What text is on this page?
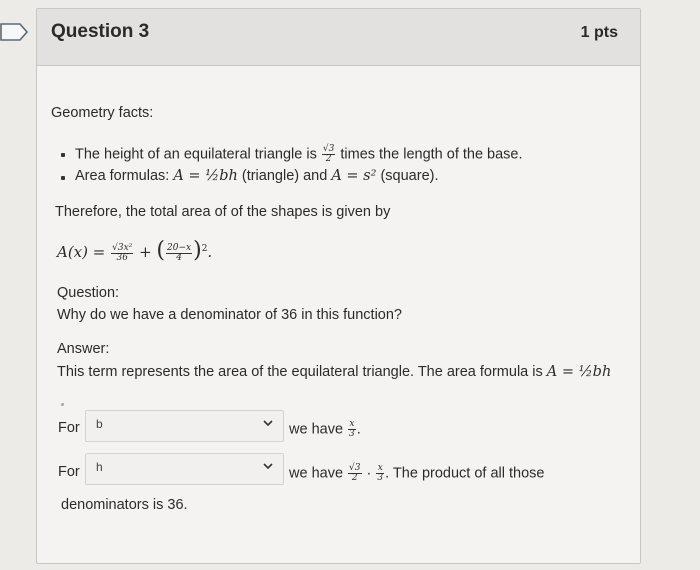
Question 3	1 pts
Geometry facts:
The height of an equilateral triangle is $\frac{√3}{2}$ times the length of the base.
Area formulas: A = ½bh (triangle) and A = s² (square).
Therefore, the total area of of the shapes is given by
$A(x) = \frac{\text{√3x²}}{36}$ + ( $\frac{20-x}{4} )^2$.
Question:
Why do we have a denominator of 36 in this function?
Answer:
This term represents the area of the equilateral triangle. The area formula is A = ½bh
For b	we have $\frac{x}{3}$ .
For h	we have $\frac{√3}{2} \cdot \frac{x}{3}$ . The product of all those
denominators is 36.
